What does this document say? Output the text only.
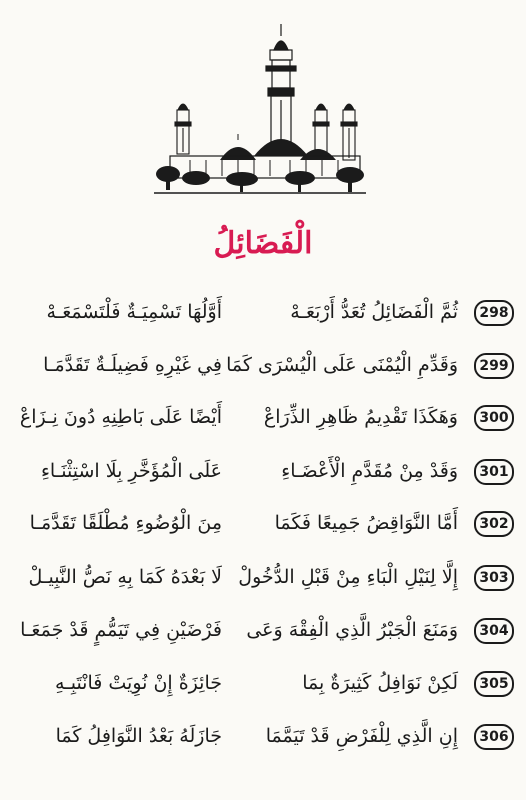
الْفَضَائِلُ
298
ثُمَّ الْفَضَائِلُ تُعَدُّ أَرْبَعَـهْ
أَوَّلُهَا تَسْمِيَـةٌ فَلْتَسْمَعَـهْ
299
وَقَدِّمِ الْيُمْنَى عَلَى الْيُسْرَى كَمَا
فِي غَيْرِهِ فَضِيلَـةٌ تَقَدَّمَـا
300
وَهَكَذَا تَقْدِيمُ ظَاهِرِ الذِّرَاعْ
أَيْضًا عَلَى بَاطِنِهِ دُونَ نِـزَاعْ
301
وَقَدْ مِنْ مُقَدَّمِ الْأَعْضَـاءِ
عَلَى الْمُؤَخَّرِ بِلَا اسْتِثْنَـاءِ
302
أَمَّا النَّوَاقِضُ جَمِيعًا فَكَمَا
مِنَ الْوُضُوءِ مُطْلَقًا تَقَدَّمَـا
303
إِلَّا لِنَيْلِ الْبَاءِ مِنْ قَبْلِ الدُّخُولْ
لَا بَعْدَهُ كَمَا بِهِ نَصُّ النَّبِيـلْ
304
وَمَنَعَ الْجَبْرُ الَّذِي الْفِقْهَ وَعَى
فَرْضَيْنِ فِي تَيَمُّمٍ قَدْ جَمَعَـا
305
لَكِنْ نَوَافِلُ كَثِيرَةٌ بِمَا
جَائِزَةٌ إِنْ نُوِيَتْ فَانْتَبِـهِ
306
إِنِ الَّذِي لِلْفَرْضِ قَدْ تَيَمَّمَا
جَازَلَهُ بَعْدُ النَّوَافِلُ كَمَا
